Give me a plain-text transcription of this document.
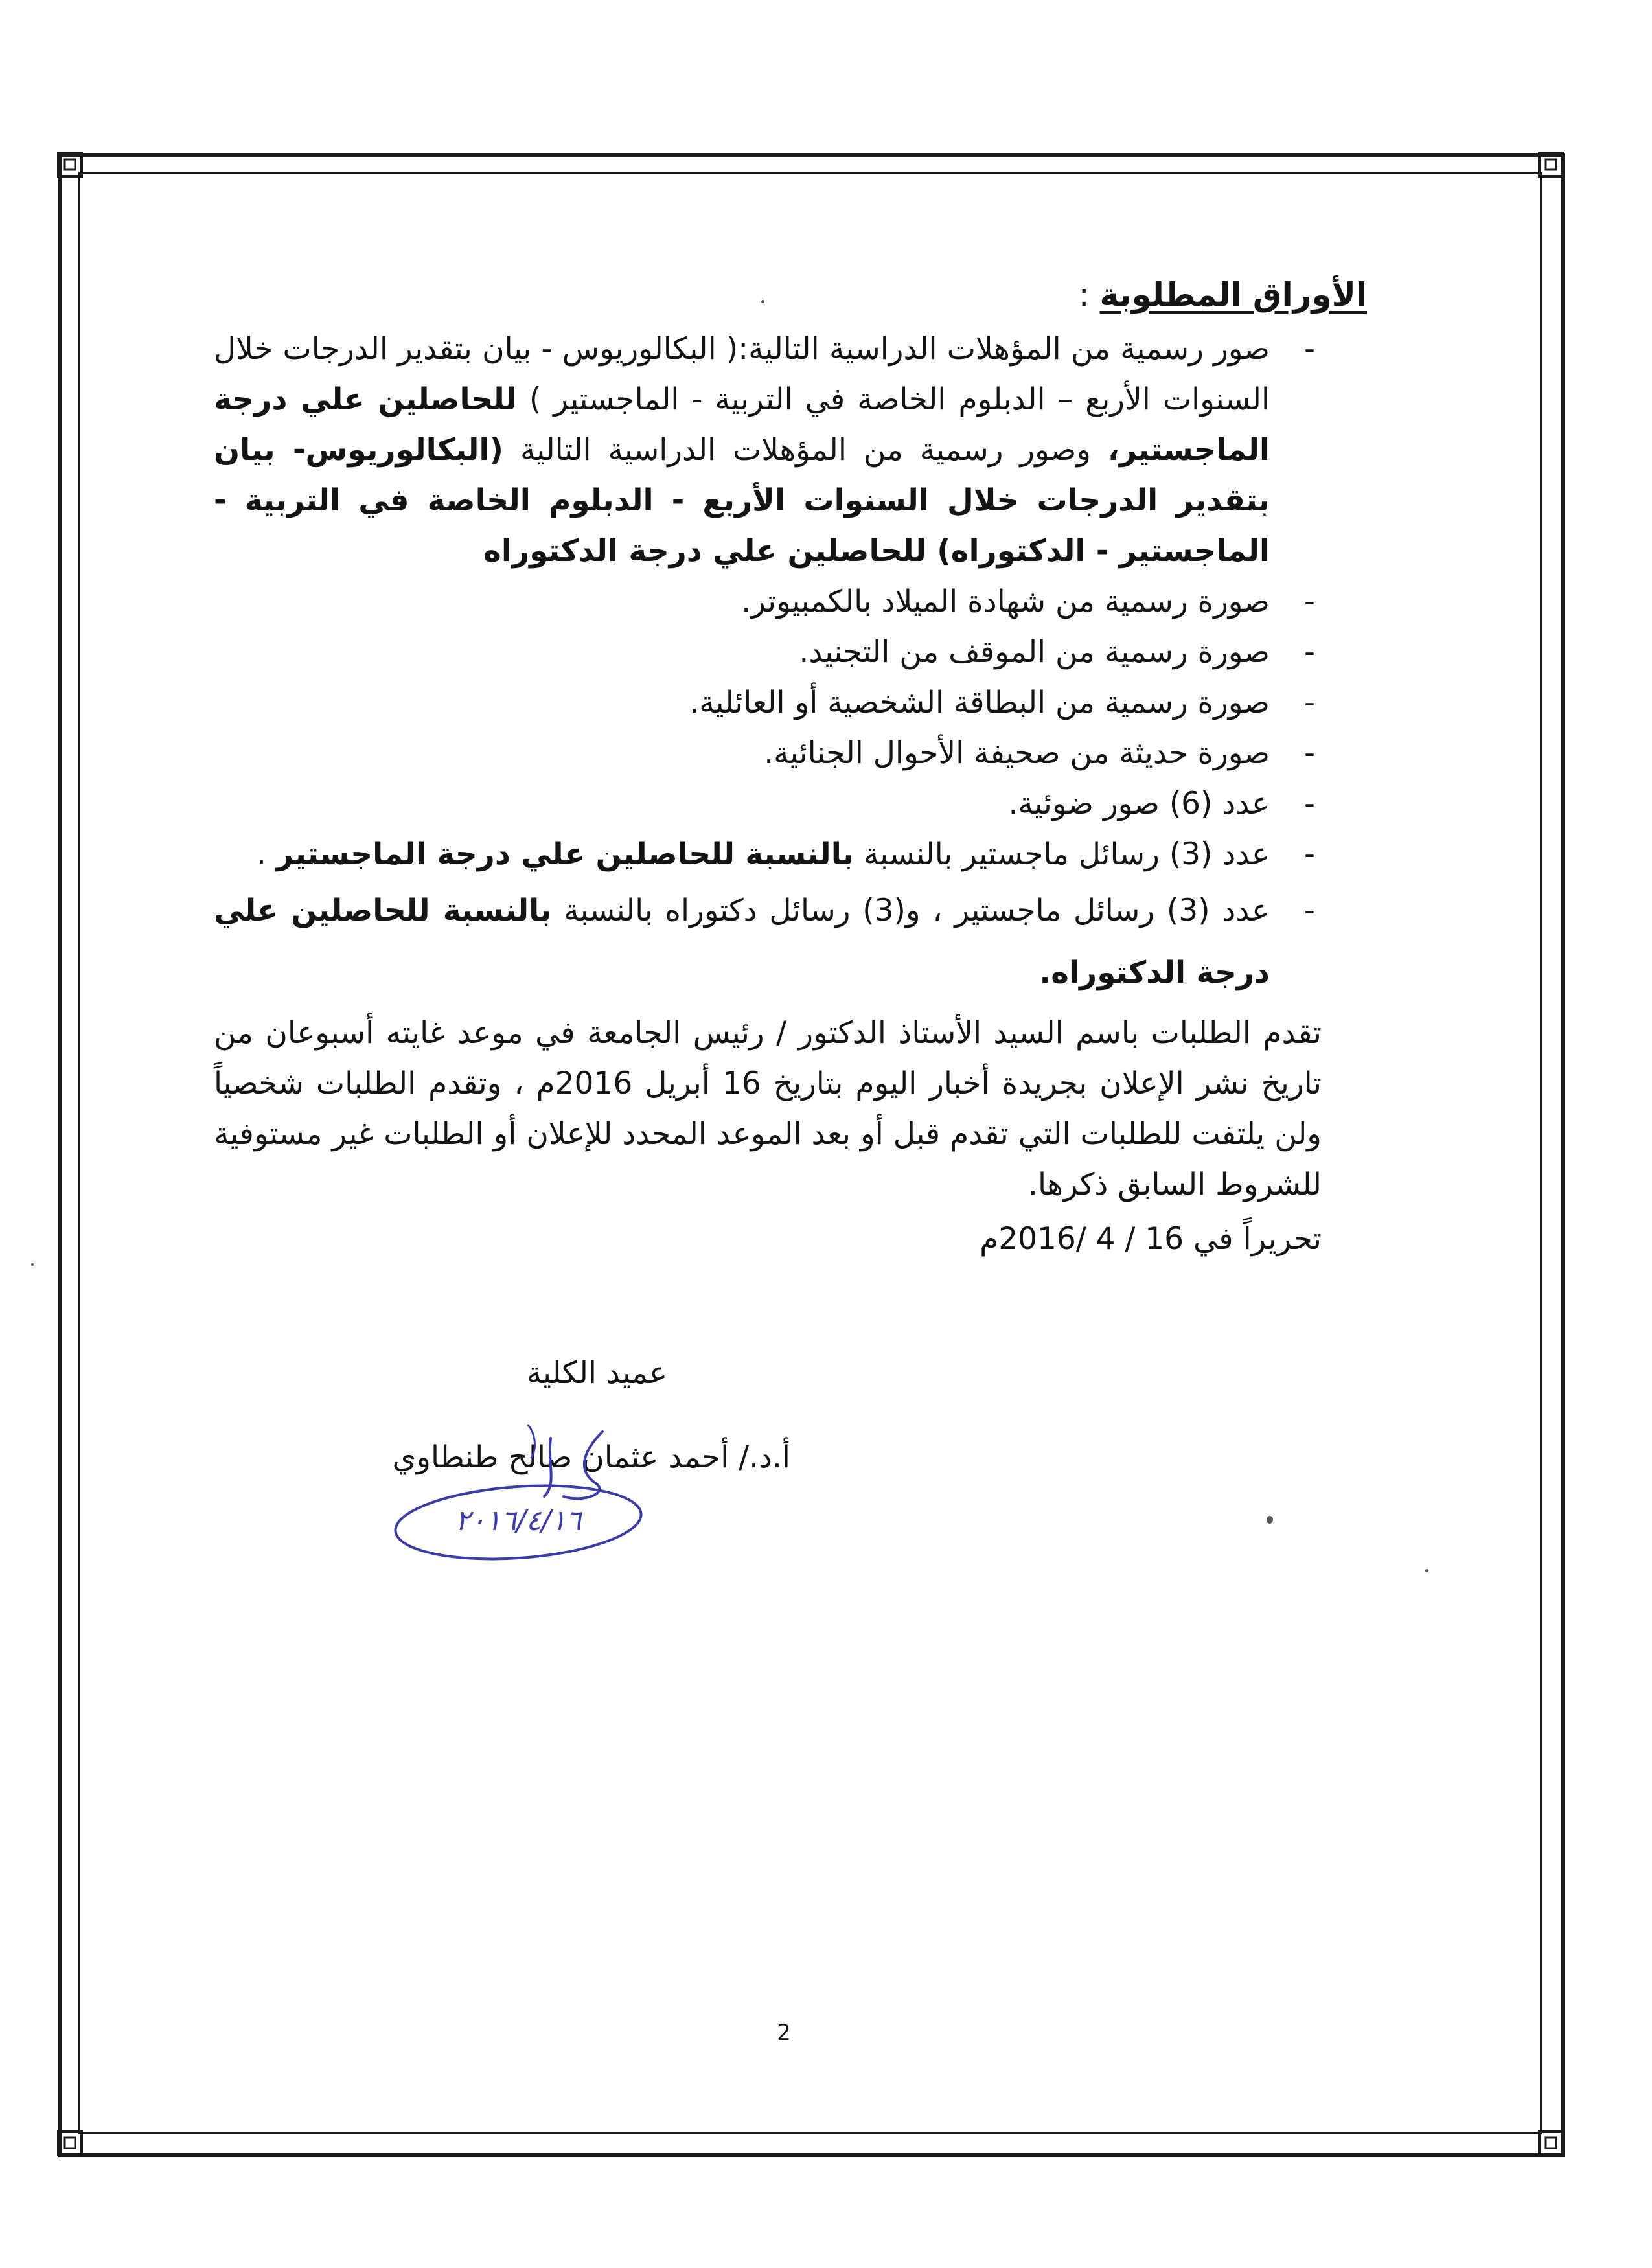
الأوراق المطلوبة :
-
صور رسمية من المؤهلات الدراسية التالية:( البكالوريوس - بيان بتقدير الدرجات خلال السنوات الأربع – الدبلوم الخاصة في التربية - الماجستير ) للحاصلين علي درجة الماجستير، وصور رسمية من المؤهلات الدراسية التالية (البكالوريوس- بيان بتقدير الدرجات خلال السنوات الأربع - الدبلوم الخاصة في التربية - الماجستير - الدكتوراه) للحاصلين علي درجة الدكتوراه
-
صورة رسمية من شهادة الميلاد بالكمبيوتر.
-
صورة رسمية من الموقف من التجنيد.
-
صورة رسمية من البطاقة الشخصية أو العائلية.
-
صورة حديثة من صحيفة الأحوال الجنائية.
-
عدد (6) صور ضوئية.
-
عدد (3) رسائل ماجستير بالنسبة بالنسبة للحاصلين علي درجة الماجستير .
-
عدد (3) رسائل ماجستير ، و(3) رسائل دكتوراه بالنسبة بالنسبة للحاصلين علي درجة الدكتوراه.

تقدم الطلبات باسم السيد الأستاذ الدكتور / رئيس الجامعة في موعد غايته أسبوعان من تاريخ نشر الإعلان بجريدة أخبار اليوم بتاريخ 16 أبريل 2016م ، وتقدم الطلبات شخصياً ولن يلتفت للطلبات التي تقدم قبل أو بعد الموعد المحدد للإعلان أو الطلبات غير مستوفية للشروط السابق ذكرها.

تحريراً في 16 / 4 /2016م
عميد الكلية
أ.د./ أحمد عثمان صالح طنطاوي
٢٠١٦/٤/١٦
2
